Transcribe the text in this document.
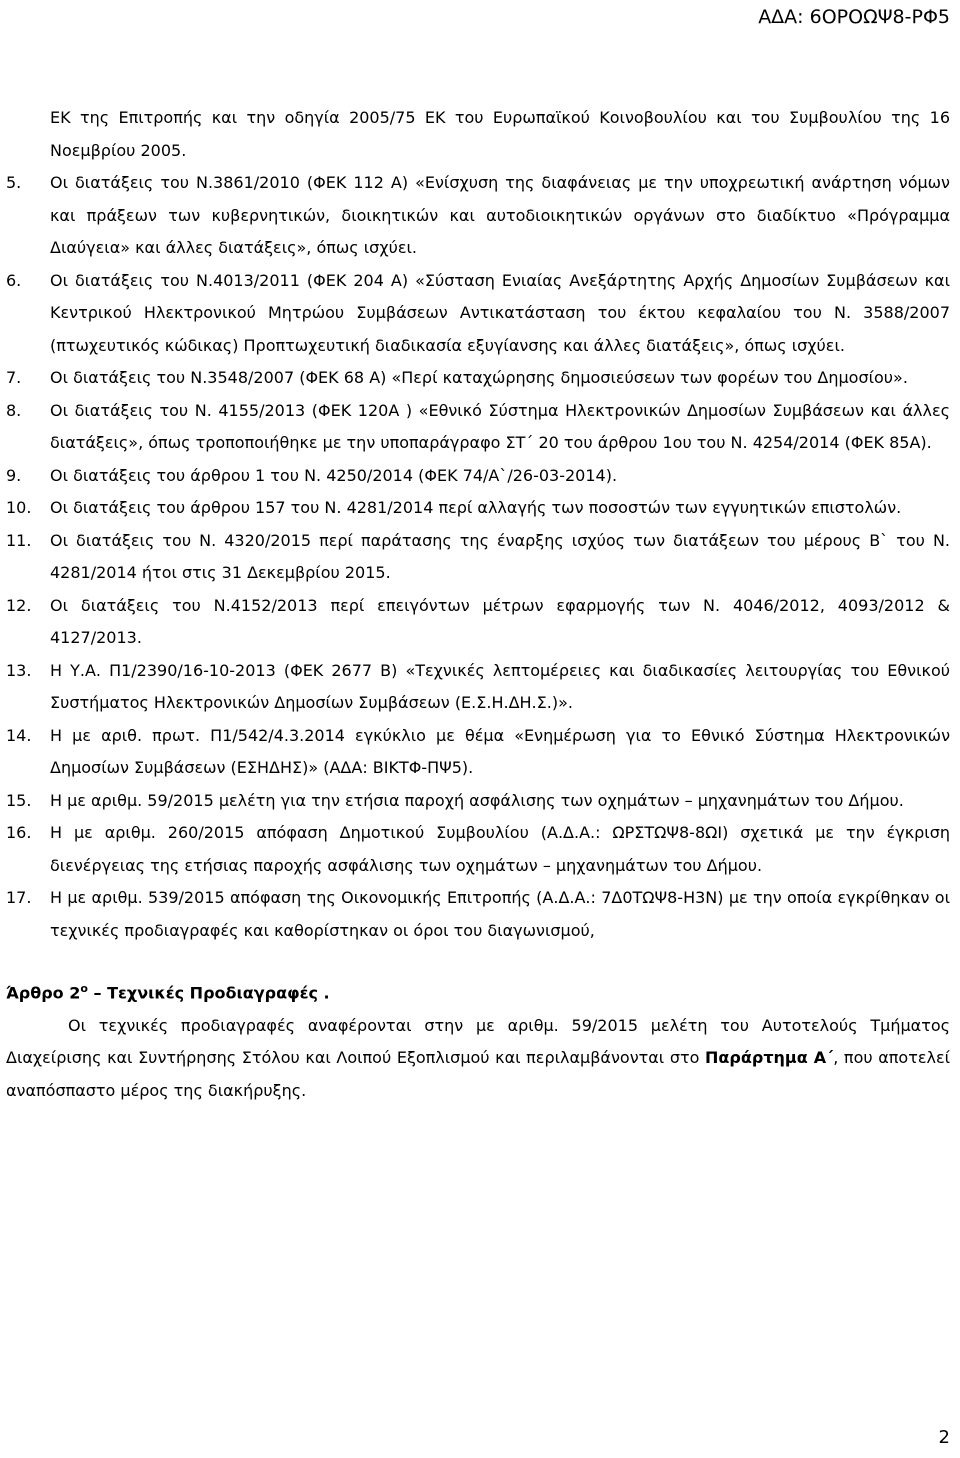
ΑΔΑ: 6ΟΡΟΩΨ8-ΡΦ5
ΕΚ της Επιτροπής και την οδηγία 2005/75 ΕΚ του Ευρωπαϊκού Κοινοβουλίου και του Συμβουλίου της 16 Νοεμβρίου 2005.
5.	Οι διατάξεις του Ν.3861/2010 (ΦΕΚ 112 Α) «Ενίσχυση της διαφάνειας με την υποχρεωτική ανάρτηση νόμων και πράξεων των κυβερνητικών, διοικητικών και αυτοδιοικητικών οργάνων στο διαδίκτυο «Πρόγραμμα Διαύγεια» και άλλες διατάξεις», όπως ισχύει.
6.	Οι διατάξεις του Ν.4013/2011 (ΦΕΚ 204 Α) «Σύσταση Ενιαίας Ανεξάρτητης Αρχής Δημοσίων Συμβάσεων και Κεντρικού Ηλεκτρονικού Μητρώου Συμβάσεων Αντικατάσταση του έκτου κεφαλαίου του Ν. 3588/2007 (πτωχευτικός κώδικας) Προπτωχευτική διαδικασία εξυγίανσης και άλλες διατάξεις», όπως ισχύει.
7.	Οι διατάξεις του Ν.3548/2007 (ΦΕΚ 68 Α) «Περί καταχώρησης δημοσιεύσεων των φορέων του Δημοσίου».
8.	Οι διατάξεις του Ν. 4155/2013 (ΦΕΚ 120Α ) «Εθνικό Σύστημα Ηλεκτρονικών Δημοσίων Συμβάσεων και άλλες διατάξεις», όπως τροποποιήθηκε με την υποπαράγραφο ΣΤ΄ 20 του άρθρου 1ου του Ν. 4254/2014 (ΦΕΚ 85Α).
9.	Οι διατάξεις του άρθρου 1 του Ν. 4250/2014 (ΦΕΚ 74/Α`/26-03-2014).
10.	Οι διατάξεις του άρθρου 157 του Ν. 4281/2014 περί αλλαγής των ποσοστών των εγγυητικών επιστολών.
11.	Οι διατάξεις του Ν. 4320/2015 περί παράτασης της έναρξης ισχύος των διατάξεων του μέρους Β` του Ν. 4281/2014 ήτοι στις 31 Δεκεμβρίου 2015.
12.	Οι διατάξεις του Ν.4152/2013 περί επειγόντων μέτρων εφαρμογής των Ν. 4046/2012, 4093/2012 & 4127/2013.
13.	Η Υ.Α. Π1/2390/16-10-2013 (ΦΕΚ 2677 Β) «Τεχνικές λεπτομέρειες και διαδικασίες λειτουργίας του Εθνικού Συστήματος Ηλεκτρονικών Δημοσίων Συμβάσεων (Ε.Σ.Η.ΔΗ.Σ.)».
14.	Η με αριθ. πρωτ. Π1/542/4.3.2014 εγκύκλιο με θέμα «Ενημέρωση για το Εθνικό Σύστημα Ηλεκτρονικών Δημοσίων Συμβάσεων (ΕΣΗΔΗΣ)» (ΑΔΑ: ΒΙΚΤΦ-ΠΨ5).
15.	Η με αριθμ. 59/2015 μελέτη για την ετήσια παροχή ασφάλισης των οχημάτων – μηχανημάτων του Δήμου.
16.	Η με αριθμ. 260/2015 απόφαση Δημοτικού Συμβουλίου (Α.Δ.Α.: ΩΡΣΤΩΨ8-8ΩΙ) σχετικά με την έγκριση διενέργειας της ετήσιας παροχής ασφάλισης των οχημάτων – μηχανημάτων του Δήμου.
17.	Η με αριθμ. 539/2015 απόφαση της Οικονομικής Επιτροπής (Α.Δ.Α.: 7Δ0ΤΩΨ8-Η3Ν) με την οποία εγκρίθηκαν οι τεχνικές προδιαγραφές και καθορίστηκαν οι όροι του διαγωνισμού,
Άρθρο $2^o$ – Τεχνικές Προδιαγραφές .
Οι τεχνικές προδιαγραφές αναφέρονται στην με αριθμ. 59/2015 μελέτη του Αυτοτελούς Τμήματος Διαχείρισης και Συντήρησης Στόλου και Λοιπού Εξοπλισμού και περιλαμβάνονται στο Παράρτημα Α΄, που αποτελεί αναπόσπαστο μέρος της διακήρυξης.
2
